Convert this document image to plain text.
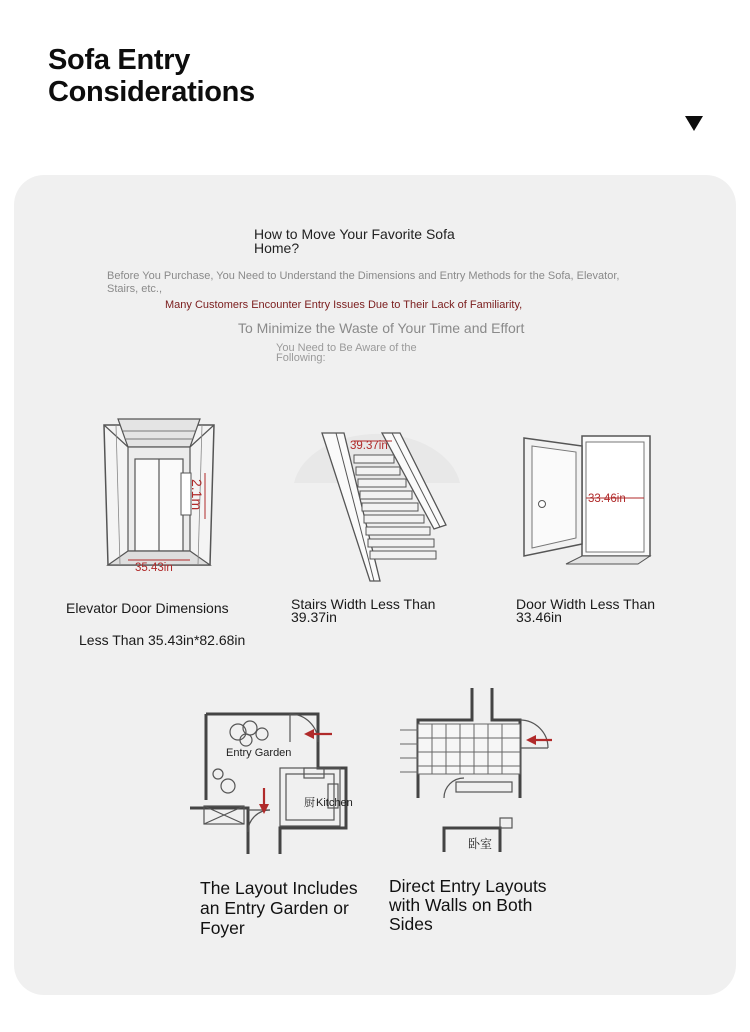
Sofa Entry
Considerations
How to Move Your Favorite Sofa Home?
Before You Purchase, You Need to Understand the Dimensions and Entry Methods for the Sofa, Elevator, Stairs, etc.,
Many Customers Encounter Entry Issues Due to Their Lack of Familiarity,
To Minimize the Waste of Your Time and Effort
You Need to Be Aware of the Following:
35.43in
2.1m
Elevator Door Dimensions
Less Than 35.43in*82.68in
39.37in
Stairs Width Less Than
39.37in
33.46in
Door Width Less Than
33.46in
Entry Garden
厨 Kitchen
The Layout Includes an Entry Garden or Foyer
卧室
Direct Entry Layouts with Walls on Both Sides
